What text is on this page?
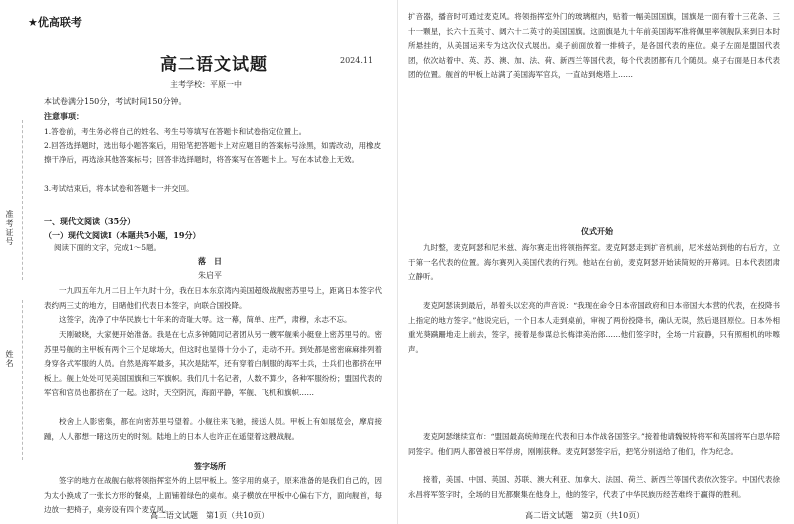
准考证号
姓名
★优高联考
高二语文试题	2024.11
主考学校：平原一中
本试卷满分150分，考试时间150分钟。
注意事项：
1.答卷前，考生务必将自己的姓名、考生号等填写在答题卡和试卷指定位置上。
2.回答选择题时，选出每小题答案后，用铅笔把答题卡上对应题目的答案标号涂黑，如需改动，用橡皮擦干净后，再选涂其他答案标号；回答非选择题时，将答案写在答题卡上。写在本试卷上无效。
3.考试结束后，将本试卷和答题卡一并交回。
一、现代文阅读（35分）
（一）现代文阅读Ⅰ（本题共5小题，19分）
阅读下面的文字，完成1～5题。
落　日
朱启平
一九四五年九月二日上午九时十分，我在日本东京湾内美国超级战舰密苏里号上，距离日本签字代表约两三丈的地方，目睹他们代表日本签字，向联合国投降。
这签字，洗净了中华民族七十年来的奇耻大辱。这一幕，简单、庄严，肃穆，永志不忘。
天刚破晓，大家便开始准备。我是在七点多钟随同记者团从另一艘军舰乘小艇登上密苏里号的。密苏里号舰的主甲板有两个三个足球场大，但这时也显得十分小了，走动不开。到处都是密密麻麻排列着身穿各式军服的人员。自然是海军最多，其次是陆军，还有穿着白制服的海军士兵，士兵们也都挤在甲板上。舰上处处可见美国国旗和三军旗帜。我们几十名记者，人数不算少，各种军服纷纷；盟国代表的军官和官员也都挤在了一起。这时，天空阴沉，海面平静，军舰、飞机和旗帜……
校舍上人影密集，都在向密苏里号望着。小舰往来飞驰，接送人员。甲板上有如展览会，摩肩接踵，人人都想一睹这历史的时刻。陆地上的日本人也许正在遥望着这艘战舰。
签字场所
签字的地方在战舰右舷将领指挥室外的上层甲板上。签字用的桌子，原来准备的是我们自己的，因为太小换成了一张长方形的餐桌，上面铺着绿色的桌布。桌子横放在甲板中心偏右下方，面向舰首，每边放一把椅子，桌旁设有四个麦克风。
高二语文试题　第1页（共10页）
扩音器，播音时可通过麦克风。将领指挥室外门的玻璃框内，贴着一幅美国国旗，国旗是一面有着十三花条、三十一颗星，长六十五英寸、阔六十二英寸的美国国旗。这面旗是九十年前美国海军准将佩里率领舰队来到日本时所悬挂的，从美国运来专为这次仪式展出。桌子前面放着一排椅子，是各国代表的座位。桌子左面是盟国代表团，依次站着中、英、苏、澳、加、法、荷、新西兰等国代表，每个代表团都有几个随员。桌子右面是日本代表团的位置。舰首的甲板上站满了美国海军官兵，一直站到炮塔上……
仪式开始
九时整，麦克阿瑟和尼米兹、海尔赛走出将领指挥室。麦克阿瑟走到扩音机前，尼米兹站到他的右后方，立于第一名代表的位置。海尔赛列入美国代表的行列。他站在台前，麦克阿瑟开始读简短的开幕词。日本代表团肃立静听。
麦克阿瑟读到最后，昂着头以宏亮的声音说：“我现在命令日本帝国政府和日本帝国大本营的代表，在投降书上指定的地方签字。”他说完后，一个日本人走到桌前，审视了两份投降书，确认无误，然后退回原位。日本外相重光葵蹒跚地走上前去，签字，接着是参谋总长梅津美治郎……他们签字时，全场一片寂静，只有照相机的咔嚓声。
麦克阿瑟继续宣布：“盟国最高统帅现在代表和日本作战各国签字。”接着他请魏锐特将军和英国将军白思华陪同签字。他们两人都曾被日军俘虏，刚刚获释。麦克阿瑟签字后，把笔分别送给了他们，作为纪念。
接着，美国、中国、英国、苏联、澳大利亚、加拿大、法国、荷兰、新西兰等国代表依次签字。中国代表徐永昌将军签字时，全场的目光都聚集在他身上，他的签字，代表了中华民族历经苦难终于赢得的胜利。
高二语文试题　第2页（共10页）
